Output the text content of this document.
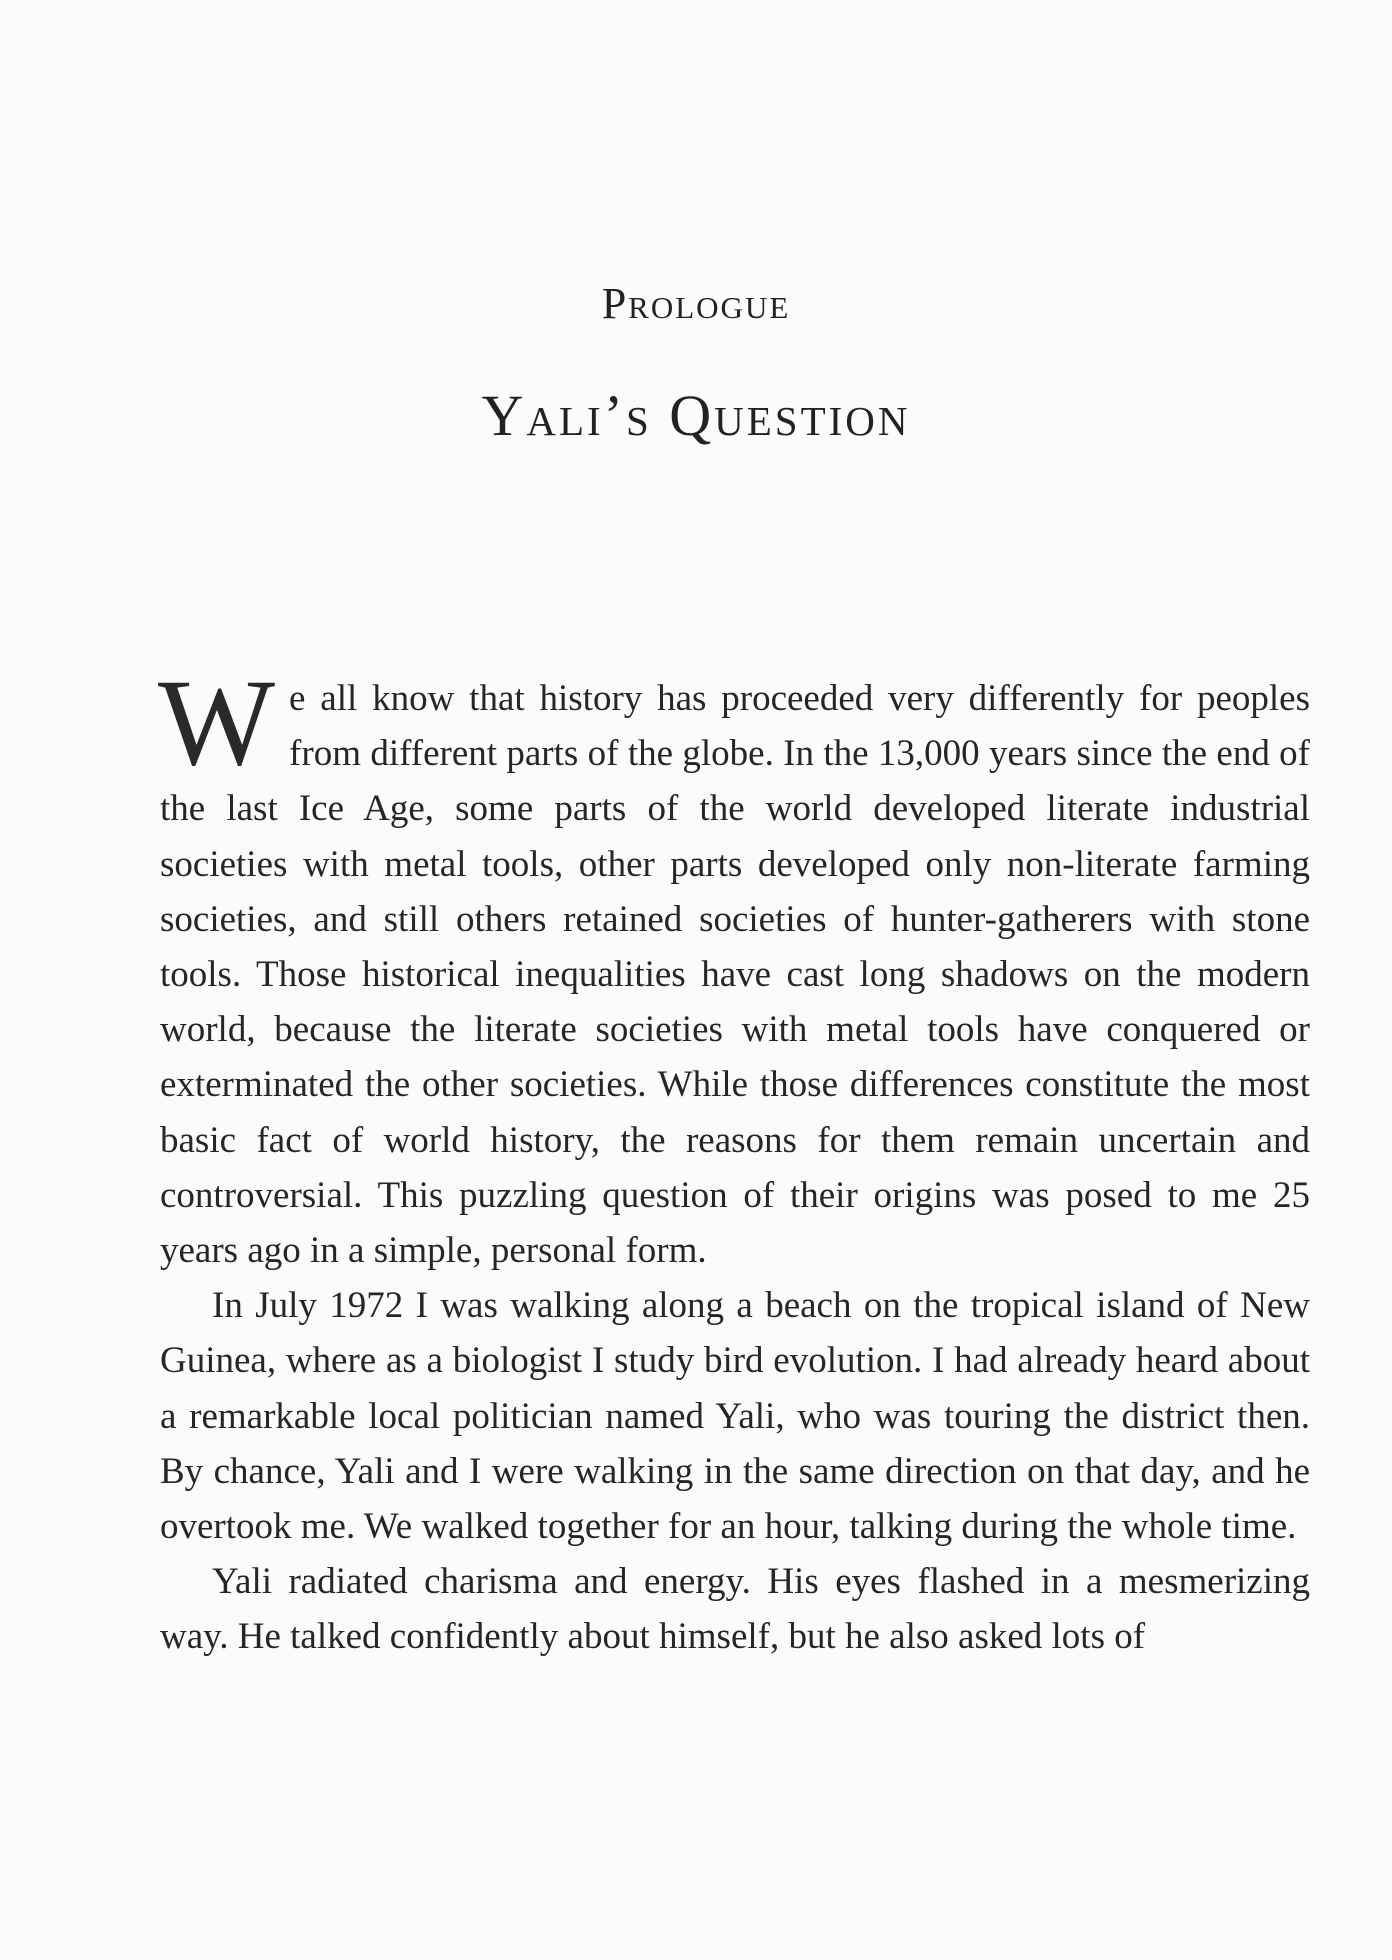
Prologue
Yali’s Question

We all know that history has proceeded very differently for peoples from different parts of the globe. In the 13,000 years since the end of the last Ice Age, some parts of the world developed literate industrial societies with metal tools, other parts developed only non-literate farming societies, and still others retained societies of hunter-gatherers with stone tools. Those historical inequalities have cast long shadows on the modern world, because the literate societies with metal tools have conquered or exterminated the other societies. While those differences constitute the most basic fact of world history, the reasons for them remain uncertain and controversial. This puzzling question of their origins was posed to me 25 years ago in a simple, personal form.

In July 1972 I was walking along a beach on the tropical island of New Guinea, where as a biologist I study bird evolution. I had already heard about a remarkable local politician named Yali, who was touring the district then. By chance, Yali and I were walking in the same direction on that day, and he overtook me. We walked together for an hour, talking during the whole time.

Yali radiated charisma and energy. His eyes flashed in a mesmerizing way. He talked confidently about himself, but he also asked lots of
